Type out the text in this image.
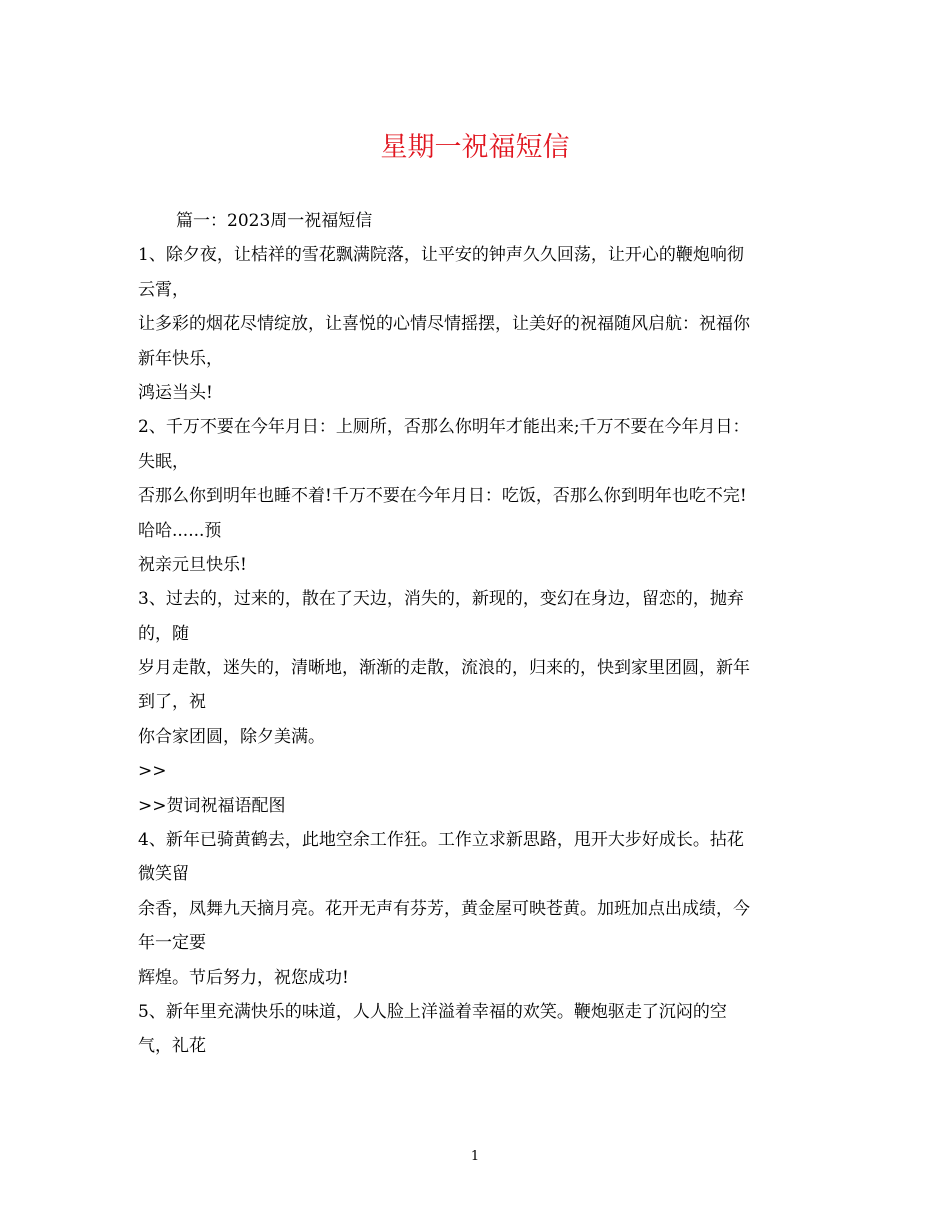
星期一祝福短信
篇一：2023周一祝福短信
1、除夕夜，让桔祥的雪花飘满院落，让平安的钟声久久回荡，让开心的鞭炮响彻
云霄，
让多彩的烟花尽情绽放，让喜悦的心情尽情摇摆，让美好的祝福随风启航：祝福你
新年快乐，
鸿运当头!
2、千万不要在今年月日：上厕所，否那么你明年才能出来;千万不要在今年月日：
失眠，
否那么你到明年也睡不着!千万不要在今年月日：吃饭，否那么你到明年也吃不完!
哈哈......预
祝亲元旦快乐!
3、过去的，过来的，散在了天边，消失的，新现的，变幻在身边，留恋的，抛弃
的，随
岁月走散，迷失的，清晰地，渐渐的走散，流浪的，归来的，快到家里团圆，新年
到了，祝
你合家团圆，除夕美满。
>>
>>贺词祝福语配图
4、新年已骑黄鹤去，此地空余工作狂。工作立求新思路，甩开大步好成长。拈花
微笑留
余香，凤舞九天摘月亮。花开无声有芬芳，黄金屋可映苍黄。加班加点出成绩，今
年一定要
辉煌。节后努力，祝您成功!
5、新年里充满快乐的味道，人人脸上洋溢着幸福的欢笑。鞭炮驱走了沉闷的空
气，礼花
1
